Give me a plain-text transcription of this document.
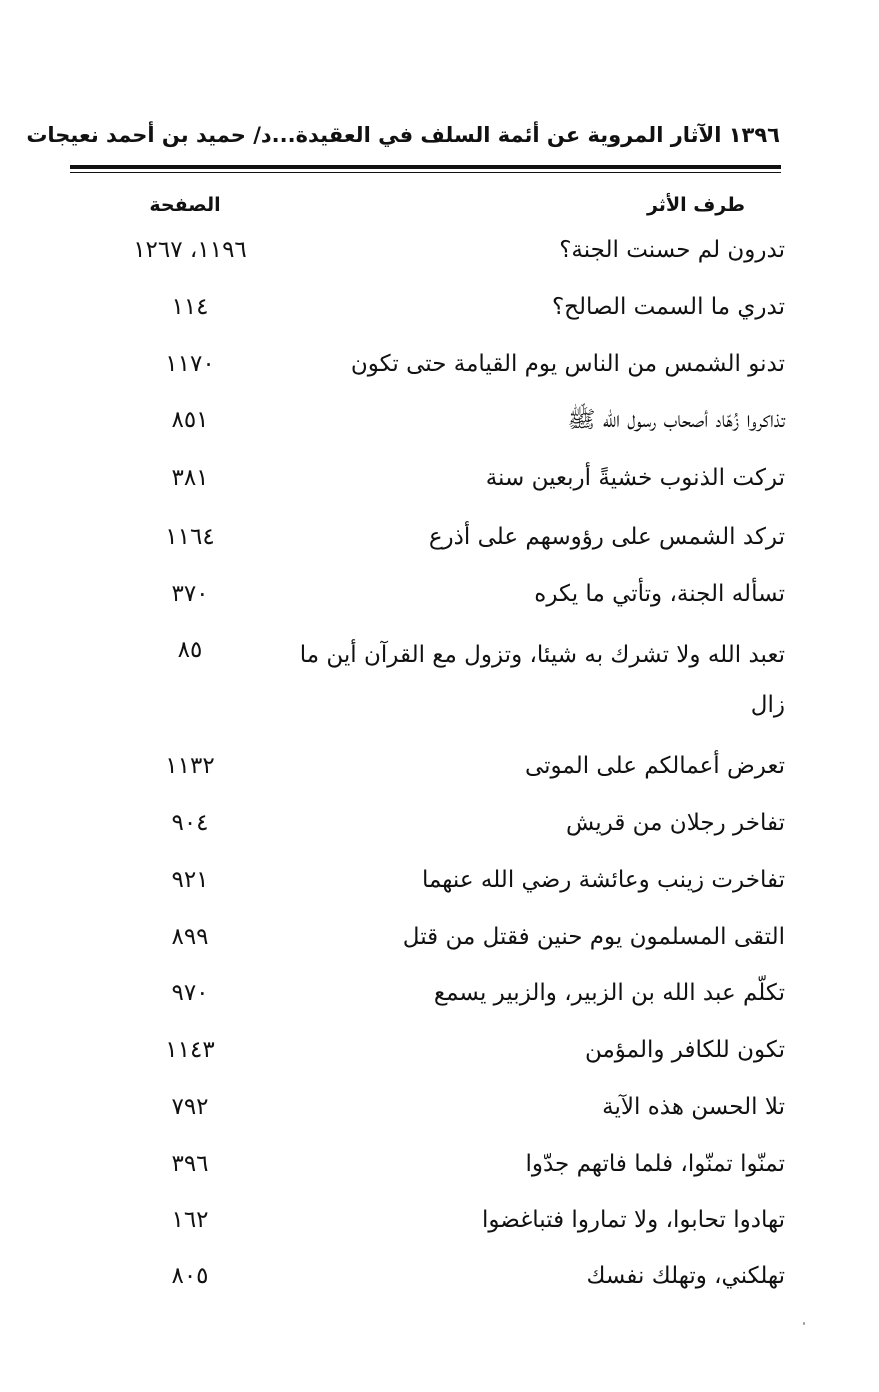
١٣٩٦ الآثار المروية عن أئمة السلف في العقيدة...د/ حميد بن أحمد نعيجات
طرف الأثر
الصفحة
تدرون لم حسنت الجنة؟
١١٩٦، ١٢٦٧
تدري ما السمت الصالح؟
١١٤
تدنو الشمس من الناس يوم القيامة حتى تكون
١١٧٠
تذاكروا زُهّاد أصحاب رسول الله ﷺ
٨٥١
تركت الذنوب خشيةً أربعين سنة
٣٨١
تركد الشمس على رؤوسهم على أذرع
١١٦٤
تسأله الجنة، وتأتي ما يكره
٣٧٠
تعبد الله ولا تشرك به شيئا، وتزول مع القرآن أين ما زال
٨٥
تعرض أعمالكم على الموتى
١١٣٢
تفاخر رجلان من قريش
٩٠٤
تفاخرت زينب وعائشة رضي الله عنهما
٩٢١
التقى المسلمون يوم حنين فقتل من قتل
٨٩٩
تكلّم عبد الله بن الزبير، والزبير يسمع
٩٧٠
تكون للكافر والمؤمن
١١٤٣
تلا الحسن هذه الآية
٧٩٢
تمنّوا تمنّوا، فلما فاتهم جدّوا
٣٩٦
تهادوا تحابوا، ولا تماروا فتباغضوا
١٦٢
تهلكني، وتهلك نفسك
٨٠٥
